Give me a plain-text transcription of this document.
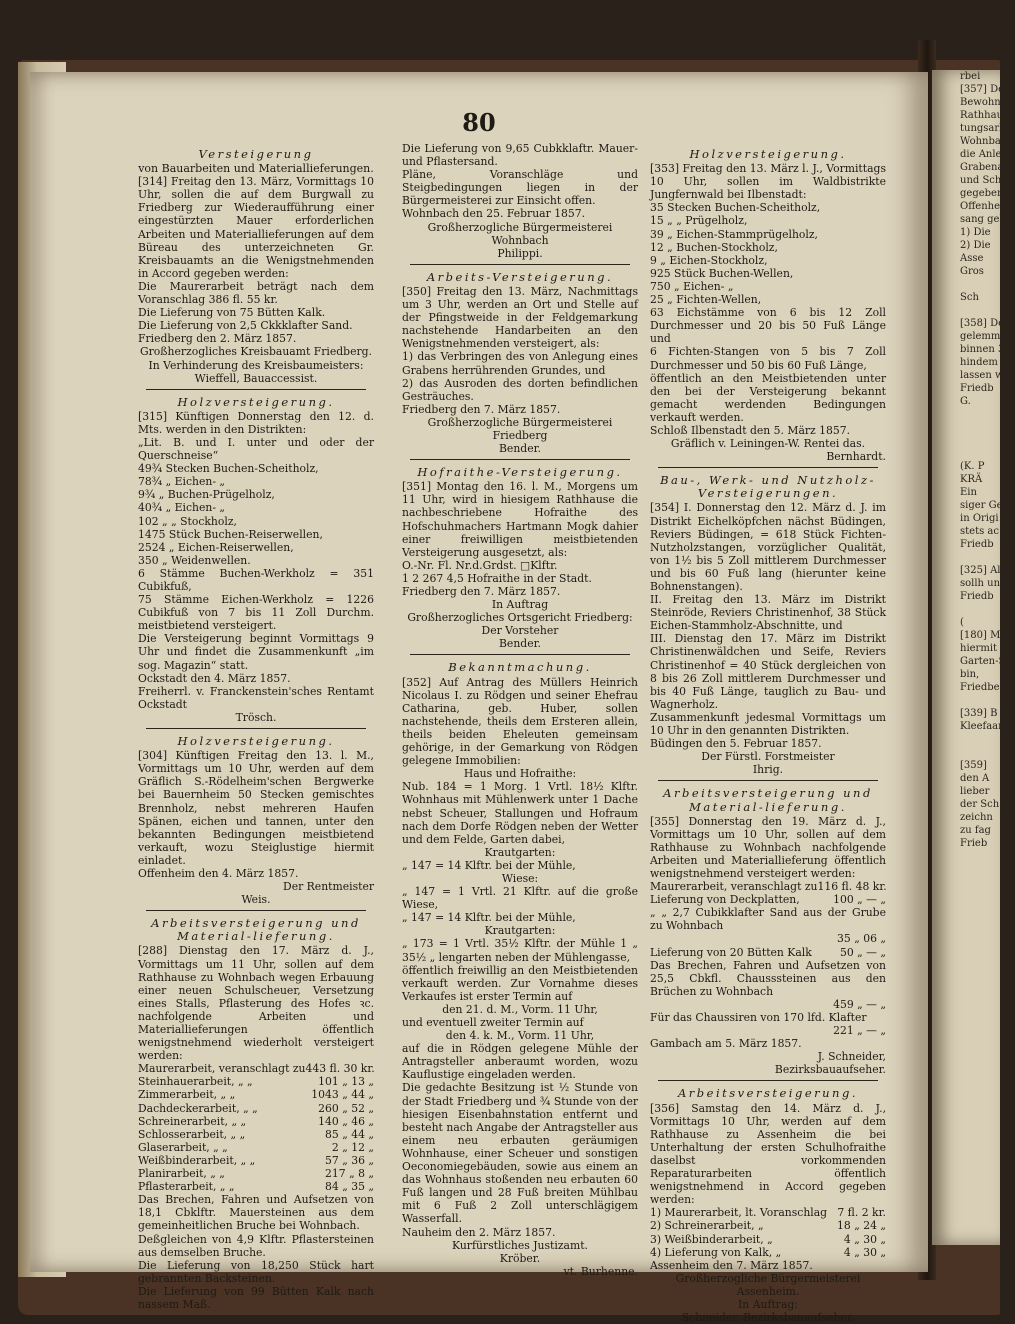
rbei
[357] Der
Bewohnu
Rathhaus
tungsarbe
Wohnbach
die Anlese
Grabenarb
und Schle
gegeben w
Offenheim
sang geha
1) Die
2) Die
Asse
Gros

Sch

[358] De
gelemmen
binnen 3
hindem ba
lassen wi
Friedb
G.

(K. P
KRÄ
Ein
siger Ge
in Origi
stets ac
Friedb

[325] All
sollh und
Friedb

(
[180] Mu
hiermit in
Garten-S
bin,
Friedbe

[339] B
Kleefaam

[359]
den A
lieber
der Sch
zeichn
zu fag
Frieb
80

Versteigerung

von Bauarbeiten und Materiallieferungen.

[314] Freitag den 13. März, Vormittags 10 Uhr, sollen die auf dem Burgwall zu Friedberg zur Wiederaufführung einer eingestürzten Mauer erforderlichen Arbeiten und Materiallieferungen auf dem Büreau des unterzeichneten Gr. Kreisbauamts an die Wenigstnehmenden in Accord gegeben werden:

Die Maurerarbeit beträgt nach dem Voranschlag 386 fl. 55 kr.

Die Lieferung von 75 Bütten Kalk.

Die Lieferung von 2,5 Ckkklafter Sand.

Friedberg den 2. März 1857.

Großherzogliches Kreisbauamt Friedberg.

In Verhinderung des Kreisbaumeisters:

Wieffell, Bauaccessist.

Holzversteigerung.

[315] Künftigen Donnerstag den 12. d. Mts. werden in den Distrikten:

„Lit. B. und I. unter und oder der Querschneise“

49¾ Stecken Buchen-Scheitholz,

78¾ „ Eichen- „

9¾ „ Buchen-Prügelholz,

40¾ „ Eichen- „

102 „ „ Stockholz,

1475 Stück Buchen-Reiserwellen,

2524 „ Eichen-Reiserwellen,

350 „ Weidenwellen.

6 Stämme Buchen-Werkholz = 351 Cubikfuß,

75 Stämme Eichen-Werkholz = 1226 Cubikfuß von 7 bis 11 Zoll Durchm. meistbietend versteigert.

Die Versteigerung beginnt Vormittags 9 Uhr und findet die Zusammenkunft „im sog. Magazin“ statt.

Ockstadt den 4. März 1857.

Freiherrl. v. Franckenstein'sches Rentamt Ockstadt

Trösch.

Holzversteigerung.

[304] Künftigen Freitag den 13. l. M., Vormittags um 10 Uhr, werden auf dem Gräflich S.-Rödelheim'schen Bergwerke bei Bauernheim 50 Stecken gemischtes Brennholz, nebst mehreren Haufen Spänen, eichen und tannen, unter den bekannten Bedingungen meistbietend verkauft, wozu Steiglustige hiermit einladet.

Offenheim den 4. März 1857.

Der Rentmeister

Weis.

Arbeitsversteigerung und Material-lieferung.

[288] Dienstag den 17. März d. J., Vormittags um 11 Uhr, sollen auf dem Rathhause zu Wohnbach wegen Erbauung einer neuen Schulscheuer, Versetzung eines Stalls, Pflasterung des Hofes ꝛc. nachfolgende Arbeiten und Materiallieferungen öffentlich wenigstnehmend wiederholt versteigert werden:

Maurerarbeit, veranschlagt zu 443 fl. 30 kr.
Steinhauerarbeit, „ „	101 „ 13 „
Zimmerarbeit, „ „	1043 „ 44 „
Dachdeckerarbeit, „ „	260 „ 52 „
Schreinerarbeit, „ „	140 „ 46 „
Schlosserarbeit, „ „	85 „ 44 „
Glaserarbeit, „ „	2 „ 12 „
Weißbinderarbeit, „ „	57 „ 36 „
Planirarbeit, „ „	217 „ 8 „
Pflasterarbeit, „ „	84 „ 35 „

Das Brechen, Fahren und Aufsetzen von 18,1 Cbklftr. Mauersteinen aus dem gemeinheitlichen Bruche bei Wohnbach.

Deßgleichen von 4,9 Klftr. Pflastersteinen aus demselben Bruche.

Die Lieferung von 18,250 Stück hart gebrannten Backsteinen.

Die Lieferung von 99 Bütten Kalk nach nassem Maß.

Die Lieferung von 9,65 Cubkklaftr. Mauer- und Pflastersand.

Pläne, Voranschläge und Steigbedingungen liegen in der Bürgermeisterei zur Einsicht offen.

Wohnbach den 25. Februar 1857.

Großherzogliche Bürgermeisterei Wohnbach

Philippi.

Arbeits-Versteigerung.

[350] Freitag den 13. März, Nachmittags um 3 Uhr, werden an Ort und Stelle auf der Pfingstweide in der Feldgemarkung nachstehende Handarbeiten an den Wenigstnehmenden versteigert, als:

1) das Verbringen des von Anlegung eines Grabens herrührenden Grundes, und

2) das Ausroden des dorten befindlichen Gesträuches.

Friedberg den 7. März 1857.

Großherzogliche Bürgermeisterei Friedberg

Bender.

Hofraithe-Versteigerung.

[351] Montag den 16. l. M., Morgens um 11 Uhr, wird in hiesigem Rathhause die nachbeschriebene Hofraithe des Hofschuhmachers Hartmann Mogk dahier einer freiwilligen meistbietenden Versteigerung ausgesetzt, als:

O.-Nr. Fl. Nr.d.Grdst. □Klftr.

1 2 267 4,5 Hofraithe in der Stadt.

Friedberg den 7. März 1857.

In Auftrag

Großherzogliches Ortsgericht Friedberg:

Der Vorsteher

Bender.

Bekanntmachung.

[352] Auf Antrag des Müllers Heinrich Nicolaus I. zu Rödgen und seiner Ehefrau Catharina, geb. Huber, sollen nachstehende, theils dem Ersteren allein, theils beiden Eheleuten gemeinsam gehörige, in der Gemarkung von Rödgen gelegene Immobilien:

Haus und Hofraithe:

Nub. 184 = 1 Morg. 1 Vrtl. 18½ Klftr. Wohnhaus mit Mühlenwerk unter 1 Dache nebst Scheuer, Stallungen und Hofraum nach dem Dorfe Rödgen neben der Wetter und dem Felde, Garten dabei,

Krautgarten:

„ 147 = 14 Klftr. bei der Mühle,

Wiese:

„ 147 = 1 Vrtl. 21 Klftr. auf die große Wiese,

„ 147 = 14 Klftr. bei der Mühle,

Krautgarten:

„ 173 = 1 Vrtl. 35½ Klftr. der Mühle 1 „ 35½ „ lengarten neben der Mühlengasse,

öffentlich freiwillig an den Meistbietenden verkauft werden. Zur Vornahme dieses Verkaufes ist erster Termin auf

den 21. d. M., Vorm. 11 Uhr,

und eventuell zweiter Termin auf

den 4. k. M., Vorm. 11 Uhr,

auf die in Rödgen gelegene Mühle der Antragsteller anberaumt worden, wozu Kauflustige eingeladen werden.

Die gedachte Besitzung ist ½ Stunde von der Stadt Friedberg und ¾ Stunde von der hiesigen Eisenbahnstation entfernt und besteht nach Angabe der Antragsteller aus einem neu erbauten geräumigen Wohnhause, einer Scheuer und sonstigen Oeconomiegebäuden, sowie aus einem an das Wohnhaus stoßenden neu erbauten 60 Fuß langen und 28 Fuß breiten Mühlbau mit 6 Fuß 2 Zoll unterschlägigem Wasserfall.

Nauheim den 2. März 1857.

Kurfürstliches Justizamt.

Kröber.

vt. Burhenne.

Holzversteigerung.

[353] Freitag den 13. März l. J., Vormittags 10 Uhr, sollen im Waldbistrikte Jungfernwald bei Ilbenstadt:

35 Stecken Buchen-Scheitholz,

15 „ „ Prügelholz,

39 „ Eichen-Stammprügelholz,

12 „ Buchen-Stockholz,

9 „ Eichen-Stockholz,

925 Stück Buchen-Wellen,

750 „ Eichen- „

25 „ Fichten-Wellen,

63 Eichstämme von 6 bis 12 Zoll Durchmesser und 20 bis 50 Fuß Länge und

6 Fichten-Stangen von 5 bis 7 Zoll Durchmesser und 50 bis 60 Fuß Länge,

öffentlich an den Meistbietenden unter den bei der Versteigerung bekannt gemacht werdenden Bedingungen verkauft werden.

Schloß Ilbenstadt den 5. März 1857.

Gräflich v. Leiningen-W. Rentei das.

Bernhardt.

Bau-, Werk- und Nutzholz-Versteigerungen.

[354] I. Donnerstag den 12. März d. J. im Distrikt Eichelköpfchen nächst Büdingen, Reviers Büdingen, = 618 Stück Fichten-Nutzholzstangen, vorzüglicher Qualität, von 1½ bis 5 Zoll mittlerem Durchmesser und bis 60 Fuß lang (hierunter keine Bohnenstangen).

II. Freitag den 13. März im Distrikt Steinröde, Reviers Christinenhof, 38 Stück Eichen-Stammholz-Abschnitte, und

III. Dienstag den 17. März im Distrikt Christinenwäldchen und Seife, Reviers Christinenhof = 40 Stück dergleichen von 8 bis 26 Zoll mittlerem Durchmesser und bis 40 Fuß Länge, tauglich zu Bau- und Wagnerholz.

Zusammenkunft jedesmal Vormittags um 10 Uhr in den genannten Distrikten.

Büdingen den 5. Februar 1857.

Der Fürstl. Forstmeister

Ihrig.

Arbeitsversteigerung und Material-lieferung.

[355] Donnerstag den 19. März d. J., Vormittags um 10 Uhr, sollen auf dem Rathhause zu Wohnbach nachfolgende Arbeiten und Materiallieferung öffentlich wenigstnehmend versteigert werden:

Maurerarbeit, veranschlagt zu 116 fl. 48 kr.
Lieferung von Deckplatten,	100 „ — „

„ „ 2,7 Cubikklafter Sand aus der Grube zu Wohnbach

35 „ 06 „
Lieferung von 20 Bütten Kalk	50 „ — „

Das Brechen, Fahren und Aufsetzen von 25,5 Cbkfl. Chausssteinen aus den Brüchen zu Wohnbach

459 „ — „

Für das Chaussiren von 170 lfd. Klafter

221 „ — „

Gambach am 5. März 1857.

J. Schneider,

Bezirksbauaufseher.

Arbeitsversteigerung.

[356] Samstag den 14. März d. J., Vormittags 10 Uhr, werden auf dem Rathhause zu Assenheim die bei Unterhaltung der ersten Schulhofraithe daselbst vorkommenden Reparaturarbeiten öffentlich wenigstnehmend in Accord gegeben werden:

1) Maurerarbeit, lt. Voranschlag 7 fl. 2 kr.
2) Schreinerarbeit, „	18 „ 24 „
3) Weißbinderarbeit, „	4 „ 30 „
4) Lieferung von Kalk, „	4 „ 30 „

Assenheim den 7. März 1857.

Großherzogliche Bürgermeisterei Assenheim.

In Auftrag:

Schneider, Bezirksbauaufseher.
